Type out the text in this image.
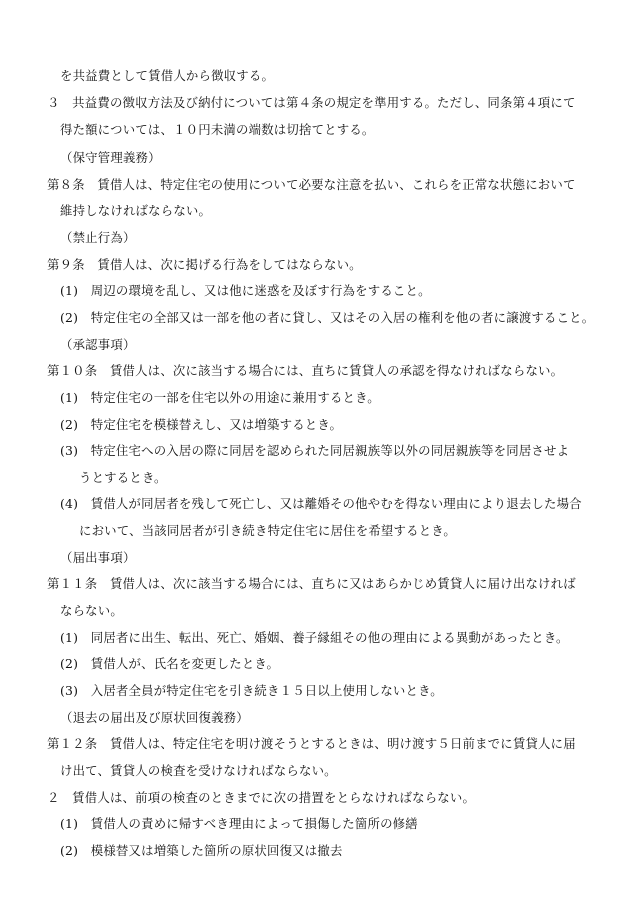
を共益費として賃借人から徴収する。
３　共益費の徴収方法及び納付については第４条の規定を準用する。ただし、同条第４項にて
得た額については、１０円未満の端数は切捨てとする。
（保守管理義務）
第８条　賃借人は、特定住宅の使用について必要な注意を払い、これらを正常な状態において
維持しなければならない。
（禁止行為）
第９条　賃借人は、次に掲げる行為をしてはならない。
(1)　周辺の環境を乱し、又は他に迷惑を及ぼす行為をすること。
(2)　特定住宅の全部又は一部を他の者に貸し、又はその入居の権利を他の者に譲渡すること。
（承認事項）
第１０条　賃借人は、次に該当する場合には、直ちに賃貸人の承認を得なければならない。
(1)　特定住宅の一部を住宅以外の用途に兼用するとき。
(2)　特定住宅を模様替えし、又は増築するとき。
(3)　特定住宅への入居の際に同居を認められた同居親族等以外の同居親族等を同居させよ
うとするとき。
(4)　賃借人が同居者を残して死亡し、又は離婚その他やむを得ない理由により退去した場合
において、当該同居者が引き続き特定住宅に居住を希望するとき。
（届出事項）
第１１条　賃借人は、次に該当する場合には、直ちに又はあらかじめ賃貸人に届け出なければ
ならない。
(1)　同居者に出生、転出、死亡、婚姻、養子縁組その他の理由による異動があったとき。
(2)　賃借人が、氏名を変更したとき。
(3)　入居者全員が特定住宅を引き続き１５日以上使用しないとき。
（退去の届出及び原状回復義務）
第１２条　賃借人は、特定住宅を明け渡そうとするときは、明け渡す５日前までに賃貸人に届
け出て、賃貸人の検査を受けなければならない。
２　賃借人は、前項の検査のときまでに次の措置をとらなければならない。
(1)　賃借人の責めに帰すべき理由によって損傷した箇所の修繕
(2)　模様替又は増築した箇所の原状回復又は撤去
